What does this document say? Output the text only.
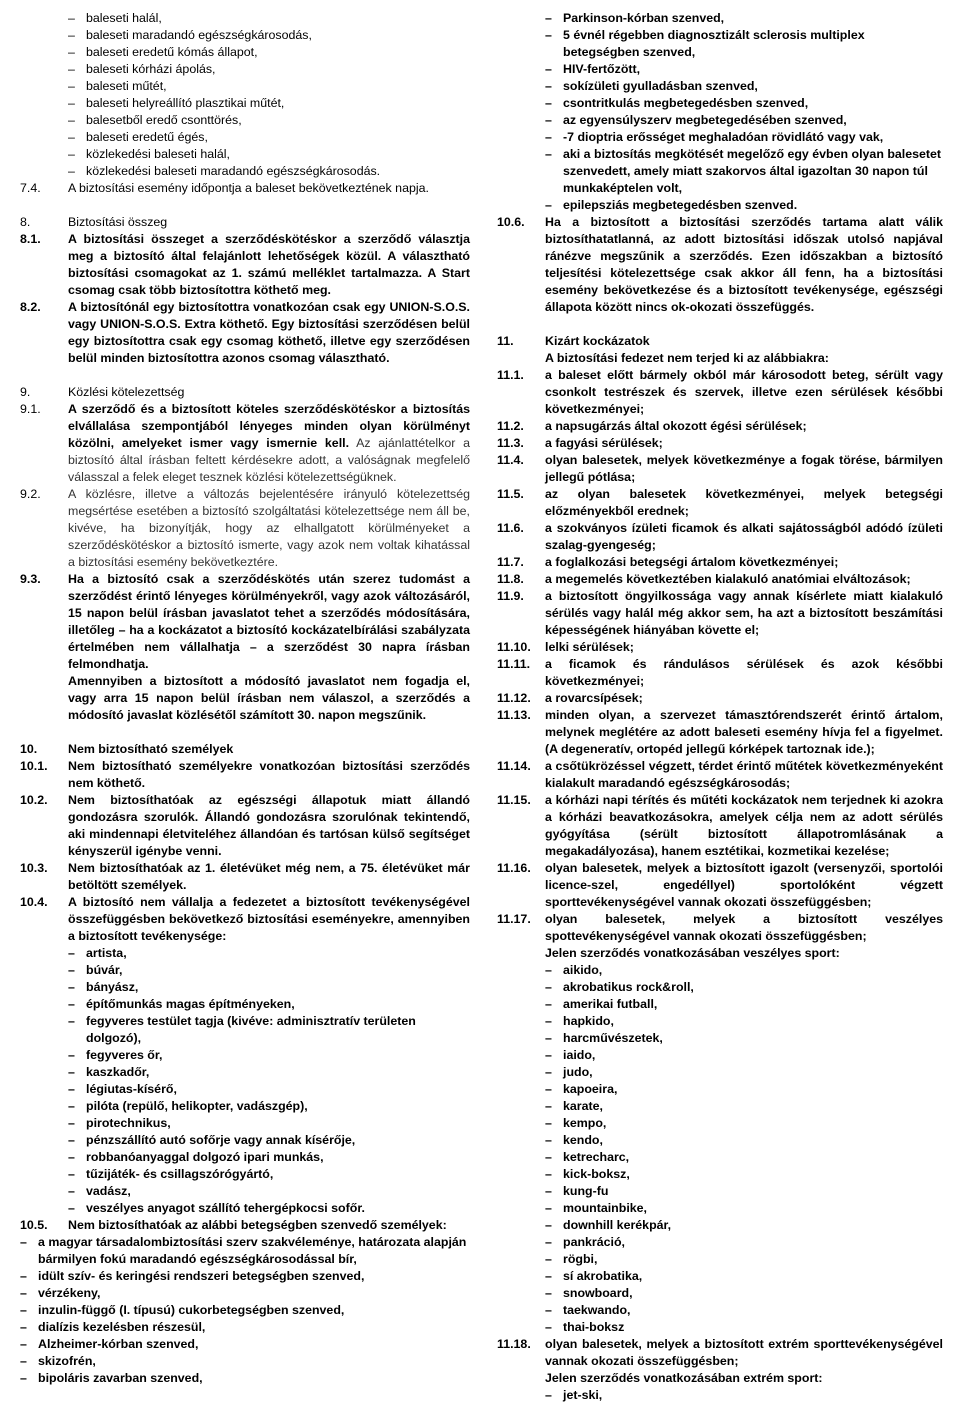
– baleseti halál,
– baleseti maradandó egészségkárosodás,
– baleseti eredetű kómás állapot,
– baleseti kórházi ápolás,
– baleseti műtét,
– baleseti helyreállító plasztikai műtét,
– balesetből eredő csonttörés,
– baleseti eredetű égés,
– közlekedési baleseti halál,
– közlekedési baleseti maradandó egészségkárosodás.
7.4.	A biztosítási esemény időpontja a baleset bekövetkeztének napja.
8.	Biztosítási összeg
8.1.	A biztosítási összeget a szerződéskötéskor a szerződő választja meg a biztosító által felajánlott lehetőségek közül. A választható biztosítási csomagokat az 1. számú melléklet tartalmazza. A Start csomag csak több biztosítottra köthető meg.
8.2.	A biztosítónál egy biztosítottra vonatkozóan csak egy UNION-S.O.S. vagy UNION-S.O.S. Extra köthető. Egy biztosítási szerződésen belül egy biztosítottra csak egy csomag köthető, illetve egy szerződésen belül minden biztosítottra azonos csomag választható.
9.	Közlési kötelezettség
9.1.	A szerződő és a biztosított köteles szerződéskötéskor a biztosítás elvállalása szempontjából lényeges minden olyan körülményt közölni, amelyeket ismer vagy ismernie kell. Az ajánlattételkor a biztosító által írásban feltett kérdésekre adott, a valóságnak megfelelő válasszal a felek eleget tesznek közlési kötelezettségüknek.
9.2.	A közlésre, illetve a változás bejelentésére irányuló kötelezettség megsértése esetében a biztosító szolgáltatási kötelezettsége nem áll be, kivéve, ha bizonyítják, hogy az elhallgatott körülményeket a szerződéskötéskor a biztosító ismerte, vagy azok nem voltak kihatással a biztosítási esemény bekövetkeztére.
9.3.	Ha a biztosító csak a szerződéskötés után szerez tudomást a szerződést érintő lényeges körülményekről, vagy azok változásáról, 15 napon belül írásban javaslatot tehet a szerződés módosítására, illetőleg – ha a kockázatot a biztosító kockázatelbírálási szabályzata értelmében nem vállalhatja – a szerződést 30 napra írásban felmondhatja.
Amennyiben a biztosított a módosító javaslatot nem fogadja el, vagy arra 15 napon belül írásban nem válaszol, a szerződés a módosító javaslat közlésétől számított 30. napon megszűnik.
10.	Nem biztosítható személyek
10.1.	Nem biztosítható személyekre vonatkozóan biztosítási szerződés nem köthető.
10.2.	Nem biztosíthatóak az egészségi állapotuk miatt állandó gondozásra szorulók. Állandó gondozásra szorulónak tekintendő, aki mindennapi életviteléhez állandóan és tartósan külső segítséget kényszerül igénybe venni.
10.3.	Nem biztosíthatóak az 1. életévüket még nem, a 75. életévüket már betöltött személyek.
10.4.	A biztosító nem vállalja a fedezetet a biztosított tevékenységével összefüggésben bekövetkező biztosítási eseményekre, amennyiben a biztosított tevékenysége:
– artista,
– búvár,
– bányász,
– építőmunkás magas építményeken,
– fegyveres testület tagja (kivéve: adminisztratív területen dolgozó),
– fegyveres őr,
– kaszkadőr,
– légiutas-kísérő,
– pilóta (repülő, helikopter, vadászgép),
– pirotechnikus,
– pénzszállító autó sofőrje vagy annak kísérője,
– robbanóanyaggal dolgozó ipari munkás,
– tűzijáték- és csillagszórógyártó,
– vadász,
– veszélyes anyagot szállító tehergépkocsi sofőr.
10.5.	Nem biztosíthatóak az alábbi betegségben szenvedő személyek:
– a magyar társadalombiztosítási szerv szakvéleménye, határozata alapján bármilyen fokú maradandó egészségkárosodással bír,
– idült szív- és keringési rendszeri betegségben szenved,
– vérzékeny,
– inzulin-függő (I. típusú) cukorbetegségben szenved,
– dialízis kezelésben részesül,
– Alzheimer-kórban szenved,
– skizofrén,
– bipoláris zavarban szenved,
– Parkinson-kórban szenved,
– 5 évnél régebben diagnosztizált sclerosis multiplex betegségben szenved,
– HIV-fertőzött,
– sokízületi gyulladásban szenved,
– csontritkulás megbetegedésben szenved,
– az egyensúlyszerv megbetegedésében szenved,
– -7 dioptria erősséget meghaladóan rövidlátó vagy vak,
– aki a biztosítás megkötését megelőző egy évben olyan balesetet szenvedett, amely miatt szakorvos által igazoltan 30 napon túl munkaképtelen volt,
– epilepsziás megbetegedésben szenved.
10.6.	Ha a biztosított a biztosítási szerződés tartama alatt válik biztosíthatatlanná, az adott biztosítási időszak utolsó napjával ránézve megszűnik a szerződés. Ezen időszakban a biztosító teljesítési kötelezettsége csak akkor áll fenn, ha a biztosítási esemény bekövetkezése és a biztosított tevékenysége, egészségi állapota között nincs ok-okozati összefüggés.
11.	Kizárt kockázatok
A biztosítási fedezet nem terjed ki az alábbiakra:
11.1.	a baleset előtt bármely okból már károsodott beteg, sérült vagy csonkolt testrészek és szervek, illetve ezen sérülések későbbi következményei;
11.2.	a napsugárzás által okozott égési sérülések;
11.3.	a fagyási sérülések;
11.4.	olyan balesetek, melyek következménye a fogak törése, bármilyen jellegű pótlása;
11.5.	az olyan balesetek következményei, melyek betegségi előzményekből erednek;
11.6.	a szokványos ízületi ficamok és alkati sajátosságból adódó ízületi szalag-gyengeség;
11.7.	a foglalkozási betegségi ártalom következményei;
11.8.	a megemelés következtében kialakuló anatómiai elváltozások;
11.9.	a biztosított öngyilkossága vagy annak kísérlete miatt kialakuló sérülés vagy halál még akkor sem, ha azt a biztosított beszámítási képességének hiányában követte el;
11.10.	lelki sérülések;
11.11.	a ficamok és rándulásos sérülések és azok későbbi következményei;
11.12.	a rovarcsípések;
11.13.	minden olyan, a szervezet támasztórendszerét érintő ártalom, melynek meglétére az adott baleseti esemény hívja fel a figyelmet. (A degeneratív, ortopéd jellegű kórképek tartoznak ide.);
11.14.	a csőtükrözéssel végzett, térdet érintő műtétek következményeként kialakult maradandó egészségkárosodás;
11.15.	a kórházi napi térítés és műtéti kockázatok nem terjednek ki azokra a kórházi beavatkozásokra, amelyek célja nem az adott sérülés gyógyítása (sérült biztosított állapotromlásának a megakadályozása), hanem esztétikai, kozmetikai kezelése;
11.16.	olyan balesetek, melyek a biztosított igazolt (versenyzői, sportolói licence-szel, engedéllyel) sportolóként végzett sporttevékenységével vannak okozati összefüggésben;
11.17.	olyan balesetek, melyek a biztosított veszélyes spottevékenységével vannak okozati összefüggésben;
Jelen szerződés vonatkozásában veszélyes sport:
– aikido,
– akrobatikus rock&roll,
– amerikai futball,
– hapkido,
– harcművészetek,
– iaido,
– judo,
– kapoeira,
– karate,
– kempo,
– kendo,
– ketrecharc,
– kick-boksz,
– kung-fu
– mountainbike,
– downhill kerékpár,
– pankráció,
– rögbi,
– sí akrobatika,
– snowboard,
– taekwando,
– thai-boksz
11.18.	olyan balesetek, melyek a biztosított extrém sporttevékenységével vannak okozati összefüggésben;
Jelen szerződés vonatkozásában extrém sport:
– jet-ski,
